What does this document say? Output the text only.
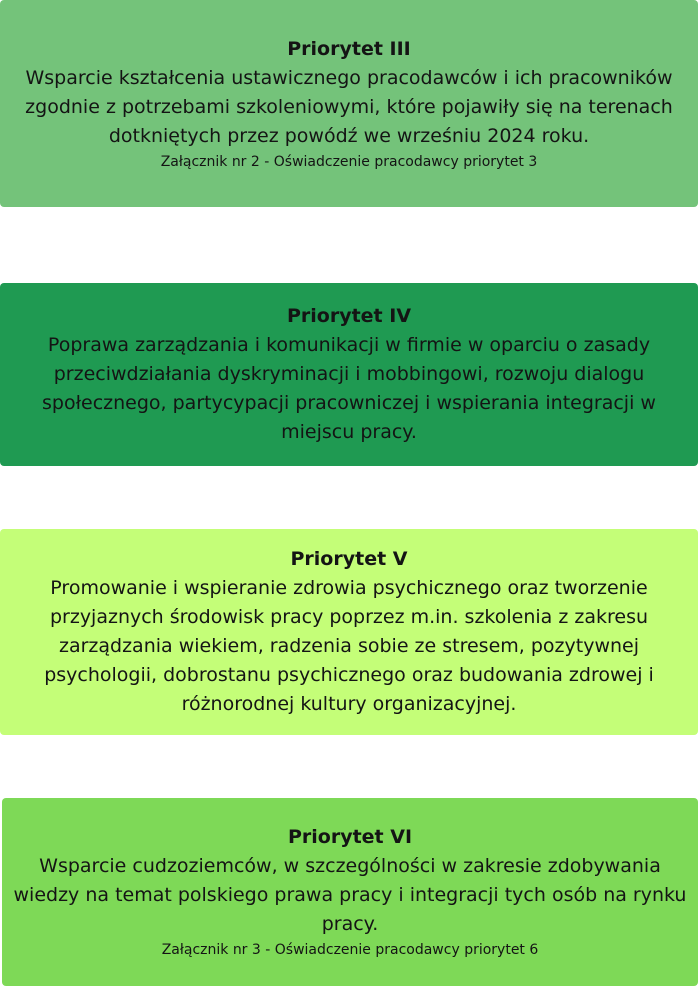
Priorytet III
Wsparcie kształcenia ustawicznego pracodawców i ich pracowników zgodnie z potrzebami szkoleniowymi, które pojawiły się na terenach dotkniętych przez powódź we wrześniu 2024 roku.
Załącznik nr 2 - Oświadczenie pracodawcy priorytet 3
Priorytet IV
Poprawa zarządzania i komunikacji w firmie w oparciu o zasady przeciwdziałania dyskryminacji i mobbingowi, rozwoju dialogu społecznego, partycypacji pracowniczej i wspierania integracji w miejscu pracy.
Priorytet V
Promowanie i wspieranie zdrowia psychicznego oraz tworzenie przyjaznych środowisk pracy poprzez m.in. szkolenia z zakresu zarządzania wiekiem, radzenia sobie ze stresem, pozytywnej psychologii, dobrostanu psychicznego oraz budowania zdrowej i różnorodnej kultury organizacyjnej.
Priorytet VI
Wsparcie cudzoziemców, w szczególności w zakresie zdobywania wiedzy na temat polskiego prawa pracy i integracji tych osób na rynku pracy.
Załącznik nr 3 - Oświadczenie pracodawcy priorytet 6
